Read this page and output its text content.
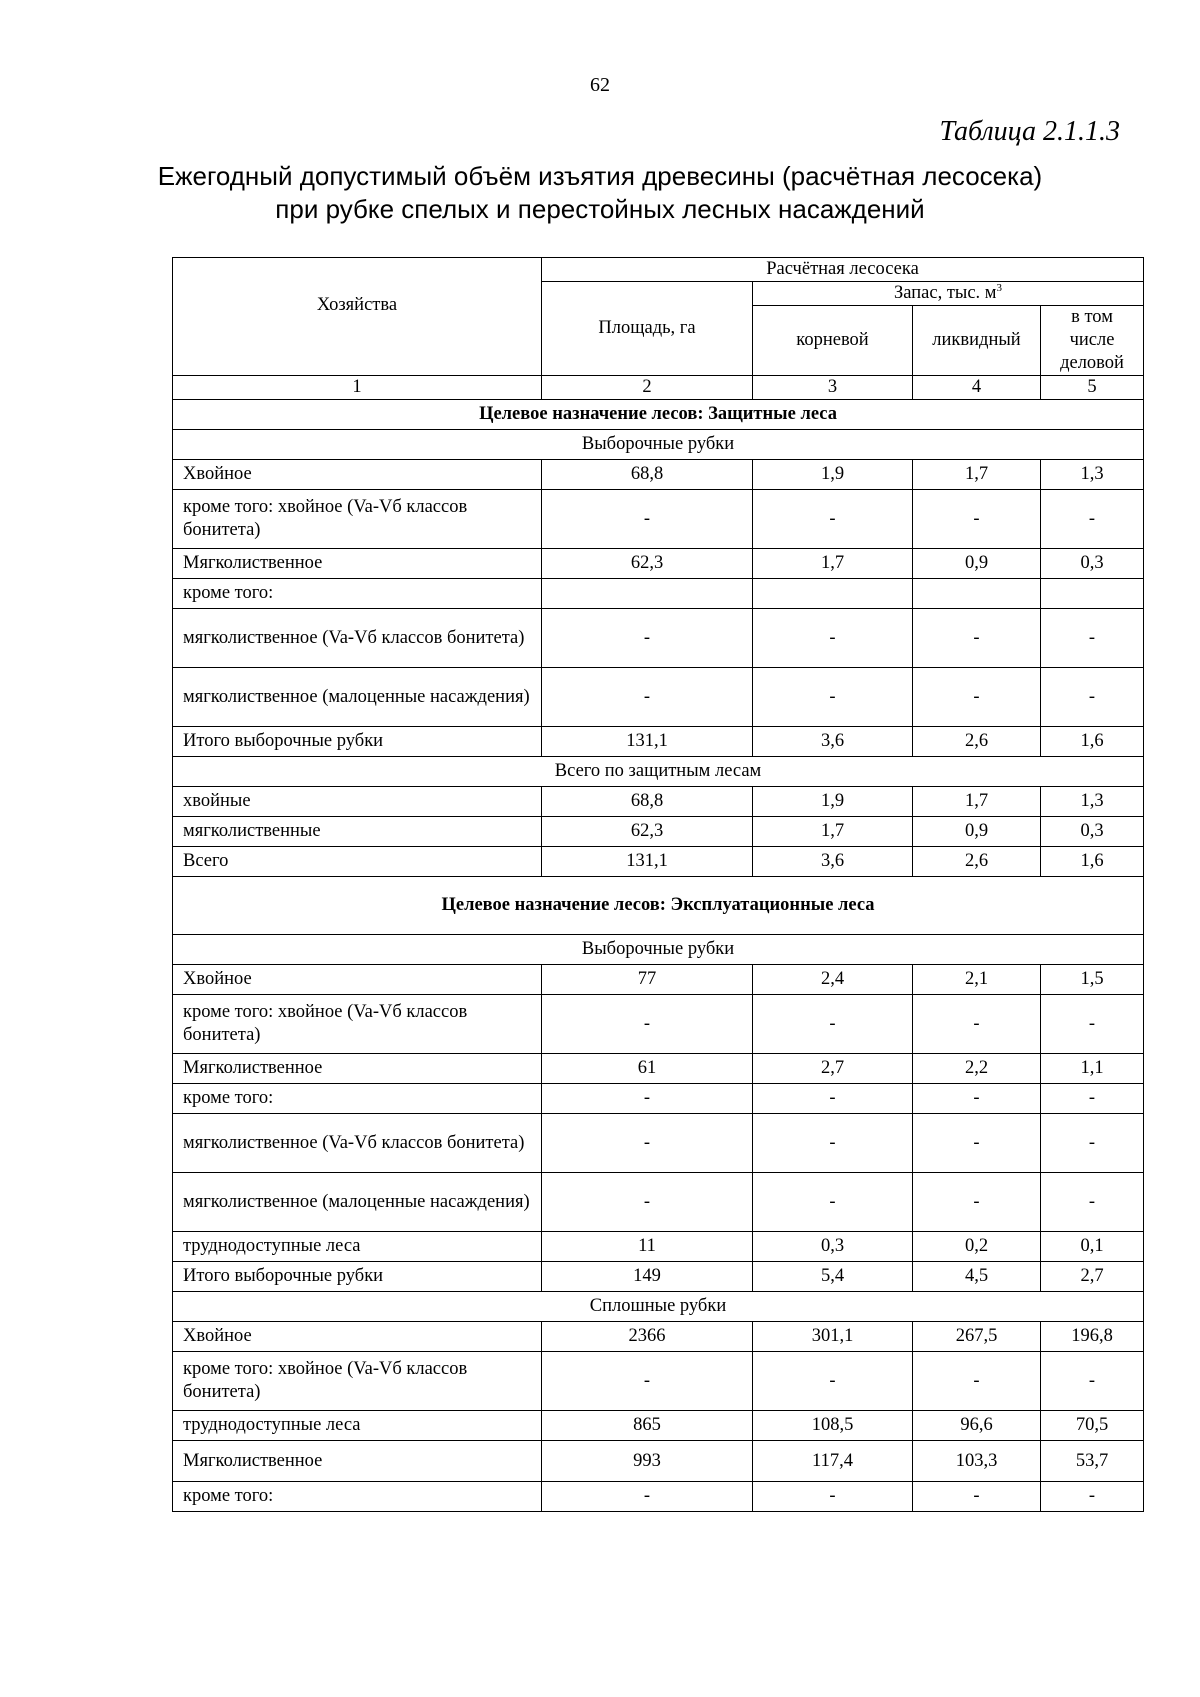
62
Таблица 2.1.1.3
Ежегодный допустимый объём изъятия древесины (расчётная лесосека)
при рубке спелых и перестойных лесных насаждений
Хозяйства	Расчётная лесосека			
	Площадь, га	Запас, тыс. $м^3$
		корневой	ликвидный	в том
числе
деловой

1	2	3	4	5
Целевое назначение лесов: Защитные леса				
Выборочные рубки				
Хвойное	68,8	1,9	1,7	1,3
кроме того: хвойное (Va-Vб классов бонитета)	-	-	-	-
Мягколиственное	62,3	1,7	0,9	0,3
кроме того:				
мягколиственное (Va-Vб классов бонитета)	-	-	-	-
мягколиственное (малоценные насаждения)	-	-	-	-
Итого выборочные рубки	131,1	3,6	2,6	1,6
Всего по защитным лесам				
хвойные	68,8	1,9	1,7	1,3
мягколиственные	62,3	1,7	0,9	0,3
Всего	131,1	3,6	2,6	1,6
Целевое назначение лесов: Эксплуатационные леса				
Выборочные рубки				
Хвойное	77	2,4	2,1	1,5
кроме того: хвойное (Va-Vб классов бонитета)	-	-	-	-
Мягколиственное	61	2,7	2,2	1,1
кроме того:	-	-	-	-
мягколиственное (Va-Vб классов бонитета)	-	-	-	-
мягколиственное (малоценные насаждения)	-	-	-	-
труднодоступные леса	11	0,3	0,2	0,1
Итого выборочные рубки	149	5,4	4,5	2,7
Сплошные рубки				
Хвойное	2366	301,1	267,5	196,8
кроме того: хвойное (Va-Vб классов бонитета)	-	-	-	-
труднодоступные леса	865	108,5	96,6	70,5
Мягколиственное	993	117,4	103,3	53,7
кроме того:	-	-	-	-
